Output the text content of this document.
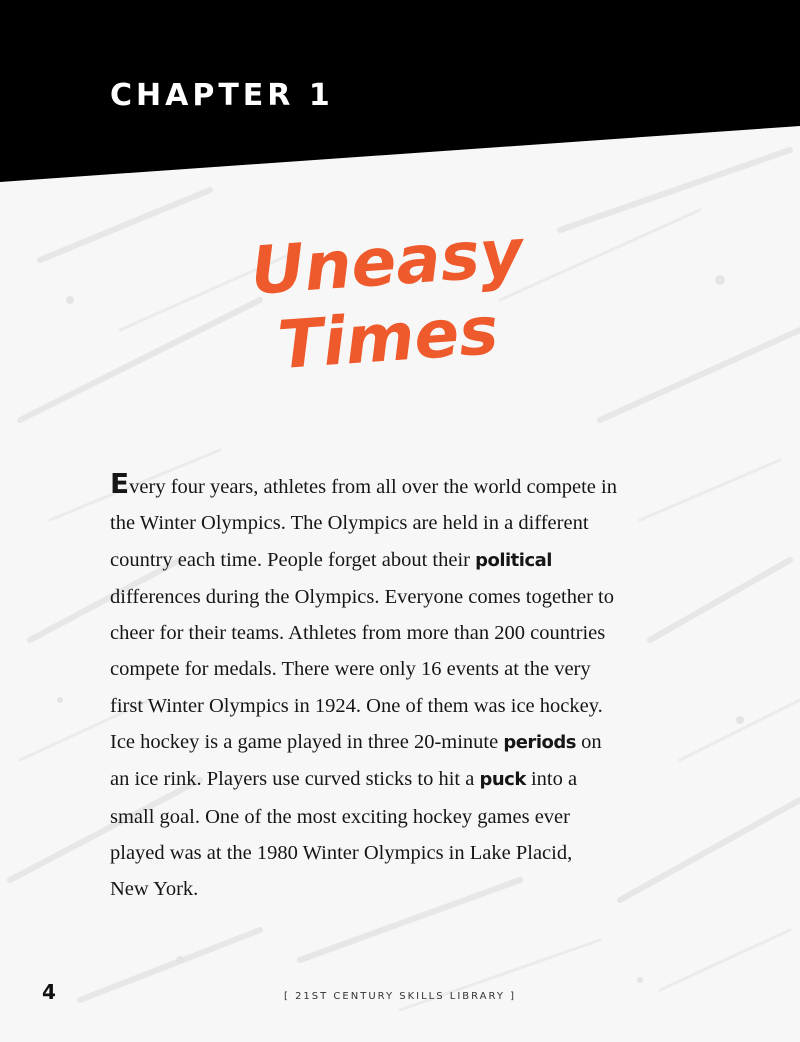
CHAPTER 1
Uneasy
Times
Every four years, athletes from all over the world compete in
the Winter Olympics. The Olympics are held in a different
country each time. People forget about their political
differences during the Olympics. Everyone comes together to
cheer for their teams. Athletes from more than 200 countries
compete for medals. There were only 16 events at the very
first Winter Olympics in 1924. One of them was ice hockey.
Ice hockey is a game played in three 20-minute periods on
an ice rink. Players use curved sticks to hit a puck into a
small goal. One of the most exciting hockey games ever
played was at the 1980 Winter Olympics in Lake Placid,
New York.
4	[ 21ST CENTURY SKILLS LIBRARY ]
